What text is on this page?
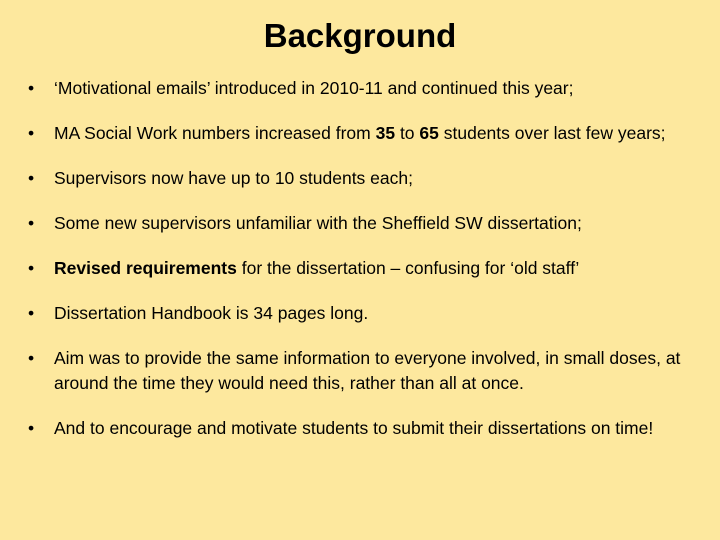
Background
•	‘Motivational emails’ introduced in 2010-11 and continued this year;
•	MA Social Work numbers increased from 35 to 65 students over last few years;
•	Supervisors now have up to 10 students each;
•	Some new supervisors unfamiliar with the Sheffield SW dissertation;
•	Revised requirements for the dissertation – confusing for ‘old staff’
•	Dissertation Handbook is 34 pages long.
•	Aim was to provide the same information to everyone involved, in small doses, at around the time they would need this, rather than all at once.
•	And to encourage and motivate students to submit their dissertations on time!
